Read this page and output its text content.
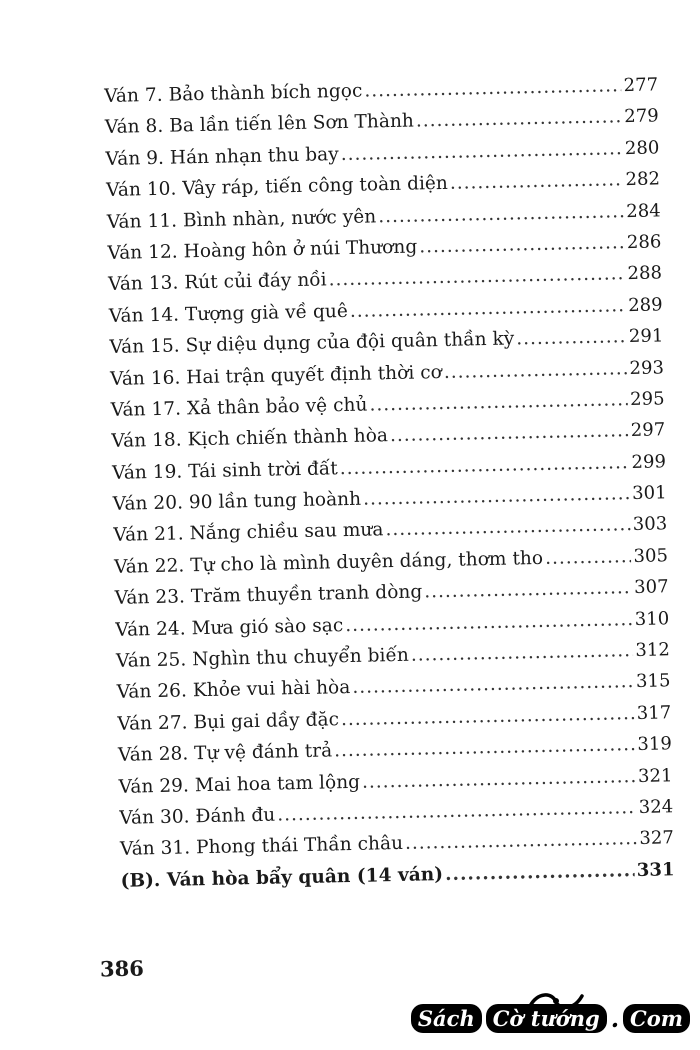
Ván 7. Bảo thành bích ngọc .....	277
Ván 8. Ba lần tiến lên Sơn Thành .....	279
Ván 9. Hán nhạn thu bay .....	280
Ván 10. Vây ráp, tiến công toàn diện .....	282
Ván 11. Bình nhàn, nước yên .....	284
Ván 12. Hoàng hôn ở núi Thương .....	286
Ván 13. Rút củi đáy nồi .....	288
Ván 14. Tượng già về quê .....	289
Ván 15. Sự diệu dụng của đội quân thần kỳ .....	291
Ván 16. Hai trận quyết định thời cơ .....	293
Ván 17. Xả thân bảo vệ chủ .....	295
Ván 18. Kịch chiến thành hòa .....	297
Ván 19. Tái sinh trời đất .....	299
Ván 20. 90 lần tung hoành .....	301
Ván 21. Nắng chiều sau mưa .....	303
Ván 22. Tự cho là mình duyên dáng, thơm tho .....	305
Ván 23. Trăm thuyền tranh dòng .....	307
Ván 24. Mưa gió sào sạc .....	310
Ván 25. Nghìn thu chuyển biến .....	312
Ván 26. Khỏe vui hài hòa .....	315
Ván 27. Bụi gai dầy đặc .....	317
Ván 28. Tự vệ đánh trả .....	319
Ván 29. Mai hoa tam lộng .....	321
Ván 30. Đánh đu .....	324
Ván 31. Phong thái Thần châu .....	327
(B). Ván hòa bẩy quân (14 ván) .....	331
386
Sách Cờ tướng . Com
